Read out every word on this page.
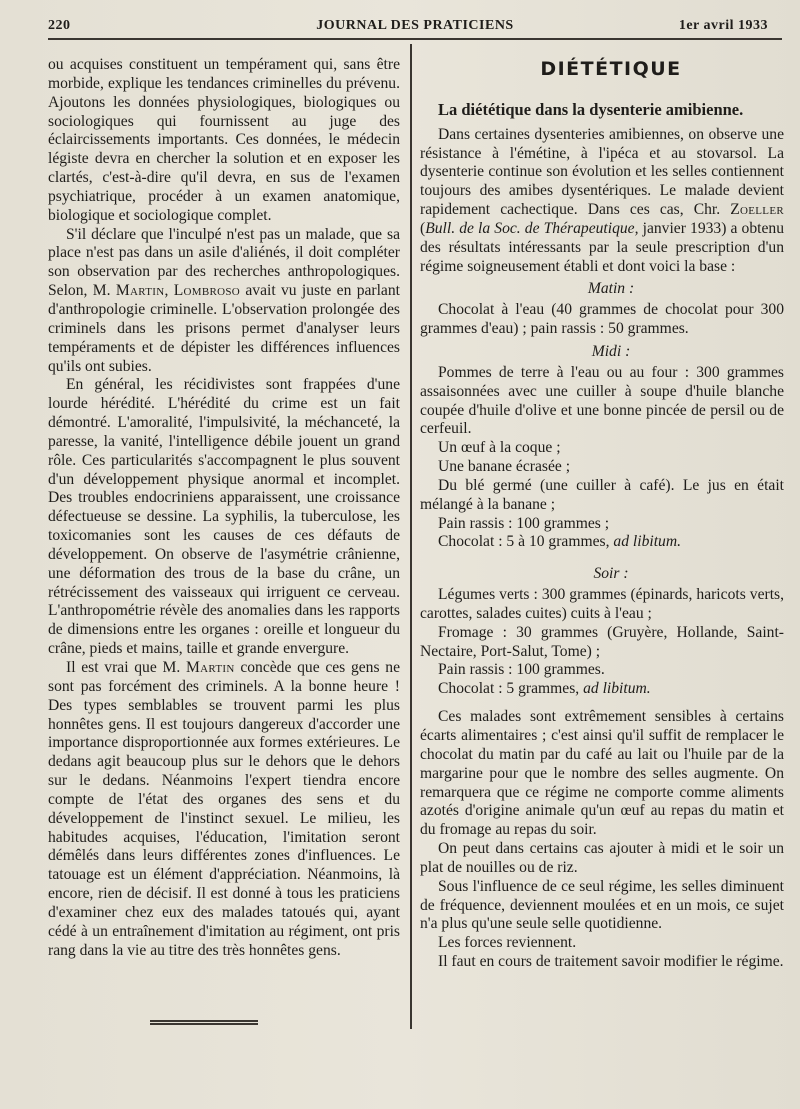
220	JOURNAL DES PRATICIENS	1er avril 1933

ou acquises constituent un tempérament qui, sans être morbide, explique les tendances criminelles du prévenu. Ajoutons les données physiologiques, biologiques ou sociologiques qui fournissent au juge des éclaircissements importants. Ces données, le médecin légiste devra en chercher la solution et en exposer les clartés, c'est-à-dire qu'il devra, en sus de l'examen psychiatrique, procéder à un examen anatomique, biologique et sociologique complet.

S'il déclare que l'inculpé n'est pas un malade, que sa place n'est pas dans un asile d'aliénés, il doit compléter son observation par des recherches anthropologiques. Selon, M. Martin, Lombroso avait vu juste en parlant d'anthropologie criminelle. L'observation prolongée des criminels dans les prisons permet d'analyser leurs tempéraments et de dépister les différences influences qu'ils ont subies.

En général, les récidivistes sont frappées d'une lourde hérédité. L'hérédité du crime est un fait démontré. L'amoralité, l'impulsivité, la méchanceté, la paresse, la vanité, l'intelligence débile jouent un grand rôle. Ces particularités s'accompagnent le plus souvent d'un développement physique anormal et incomplet. Des troubles endocriniens apparaissent, une croissance défectueuse se dessine. La syphilis, la tuberculose, les toxicomanies sont les causes de ces défauts de développement. On observe de l'asymétrie crânienne, une déformation des trous de la base du crâne, un rétrécissement des vaisseaux qui irriguent ce cerveau. L'anthropométrie révèle des anomalies dans les rapports de dimensions entre les organes : oreille et longueur du crâne, pieds et mains, taille et grande envergure.

Il est vrai que M. Martin concède que ces gens ne sont pas forcément des criminels. A la bonne heure ! Des types semblables se trouvent parmi les plus honnêtes gens. Il est toujours dangereux d'accorder une importance disproportionnée aux formes extérieures. Le dedans agit beaucoup plus sur le dehors que le dehors sur le dedans. Néanmoins l'expert tiendra encore compte de l'état des organes des sens et du développement de l'instinct sexuel. Le milieu, les habitudes acquises, l'éducation, l'imitation seront démêlés dans leurs différentes zones d'influences. Le tatouage est un élément d'appréciation. Néanmoins, là encore, rien de décisif. Il est donné à tous les praticiens d'examiner chez eux des malades tatoués qui, ayant cédé à un entraînement d'imitation au régiment, ont pris rang dans la vie au titre des très honnêtes gens.

DIÉTÉTIQUE

La diététique dans la dysenterie amibienne.

Dans certaines dysenteries amibiennes, on observe une résistance à l'émétine, à l'ipéca et au stovarsol. La dysenterie continue son évolution et les selles contiennent toujours des amibes dysentériques. Le malade devient rapidement cachectique. Dans ces cas, Chr. Zoeller (Bull. de la Soc. de Thérapeutique, janvier 1933) a obtenu des résultats intéressants par la seule prescription d'un régime soigneusement établi et dont voici la base :

Matin :

Chocolat à l'eau (40 grammes de chocolat pour 300 grammes d'eau) ; pain rassis : 50 grammes.

Midi :

Pommes de terre à l'eau ou au four : 300 grammes assaisonnées avec une cuiller à soupe d'huile blanche coupée d'huile d'olive et une bonne pincée de persil ou de cerfeuil.

Un œuf à la coque ;

Une banane écrasée ;

Du blé germé (une cuiller à café). Le jus en était mélangé à la banane ;

Pain rassis : 100 grammes ;

Chocolat : 5 à 10 grammes, ad libitum.

Soir :

Légumes verts : 300 grammes (épinards, haricots verts, carottes, salades cuites) cuits à l'eau ;

Fromage : 30 grammes (Gruyère, Hollande, Saint-Nectaire, Port-Salut, Tome) ;

Pain rassis : 100 grammes.

Chocolat : 5 grammes, ad libitum.

Ces malades sont extrêmement sensibles à certains écarts alimentaires ; c'est ainsi qu'il suffit de remplacer le chocolat du matin par du café au lait ou l'huile par de la margarine pour que le nombre des selles augmente. On remarquera que ce régime ne comporte comme aliments azotés d'origine animale qu'un œuf au repas du matin et du fromage au repas du soir.

On peut dans certains cas ajouter à midi et le soir un plat de nouilles ou de riz.

Sous l'influence de ce seul régime, les selles diminuent de fréquence, deviennent moulées et en un mois, ce sujet n'a plus qu'une seule selle quotidienne.

Les forces reviennent.

Il faut en cours de traitement savoir modifier le régime.
